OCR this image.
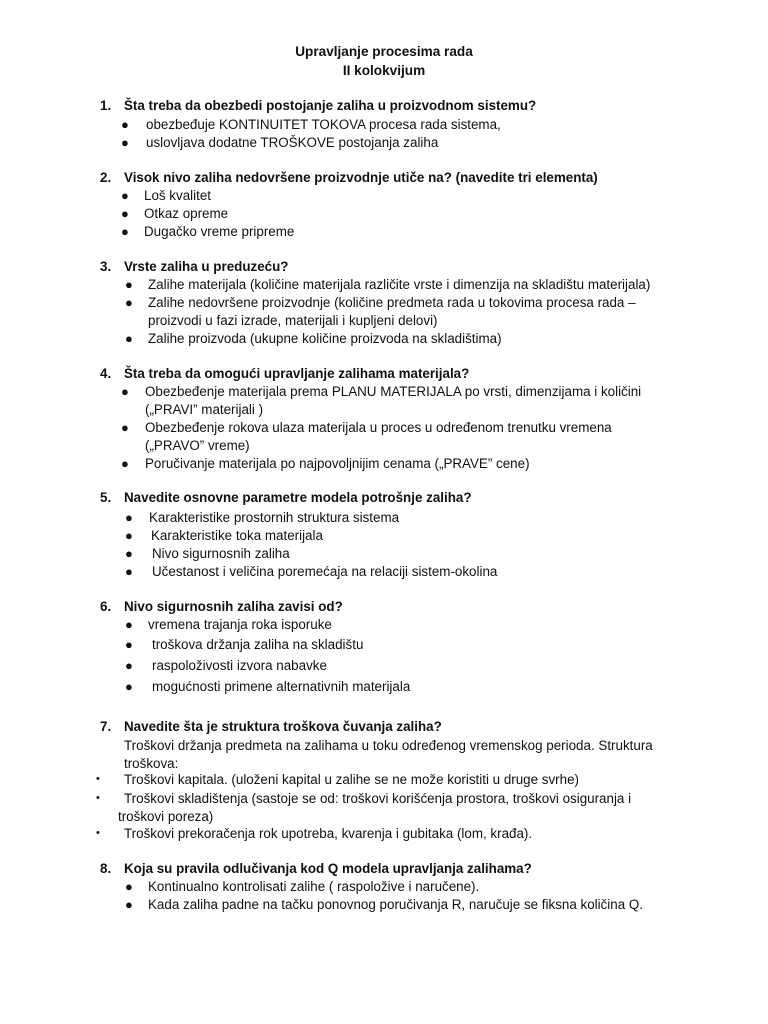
Upravljanje procesima rada
II kolokvijum
1. Šta treba da obezbedi postojanje zaliha u proizvodnom sistemu?
● obezbeđuje KONTINUITET TOKOVA procesa rada sistema,
● uslovljava dodatne TROŠKOVE postojanja zaliha
2. Visok nivo zaliha nedovršene proizvodnje utiče na? (navedite tri elementa)
● Loš kvalitet
● Otkaz opreme
● Dugačko vreme pripreme
3. Vrste zaliha u preduzeću?
● Zalihe materijala (količine materijala različite vrste i dimenzija na skladištu materijala)
● Zalihe nedovršene proizvodnje (količine predmeta rada u tokovima procesa rada –
proizvodi u fazi izrade, materijali i kupljeni delovi)
● Zalihe proizvoda (ukupne količine proizvoda na skladištima)
4. Šta treba da omogući upravljanje zalihama materijala?
● Obezbeđenje materijala prema PLANU MATERIJALA po vrsti, dimenzijama i količini
(„PRAVI” materijali )
● Obezbeđenje rokova ulaza materijala u proces u određenom trenutku vremena
(„PRAVO” vreme)
● Poručivanje materijala po najpovoljnijim cenama („PRAVE” cene)
5. Navedite osnovne parametre modela potrošnje zaliha?
● Karakteristike prostornih struktura sistema
● Karakteristike toka materijala
● Nivo sigurnosnih zaliha
● Učestanost i veličina poremećaja na relaciji sistem-okolina
6. Nivo sigurnosnih zaliha zavisi od?
● vremena trajanja roka isporuke
● troškova držanja zaliha na skladištu
● raspoloživosti izvora nabavke
● mogućnosti primene alternativnih materijala
7. Navedite šta je struktura troškova čuvanja zaliha?
Troškovi držanja predmeta na zalihama u toku određenog vremenskog perioda. Struktura
troškova:
• Troškovi kapitala. (uloženi kapital u zalihe se ne može koristiti u druge svrhe)
• Troškovi skladištenja (sastoje se od: troškovi korišćenja prostora, troškovi osiguranja i
troškovi poreza)
• Troškovi prekoračenja rok upotreba, kvarenja i gubitaka (lom, krađa).
8. Koja su pravila odlučivanja kod Q modela upravljanja zalihama?
● Kontinualno kontrolisati zalihe ( raspoložive i naručene).
● Kada zaliha padne na tačku ponovnog poručivanja R, naručuje se fiksna količina Q.
